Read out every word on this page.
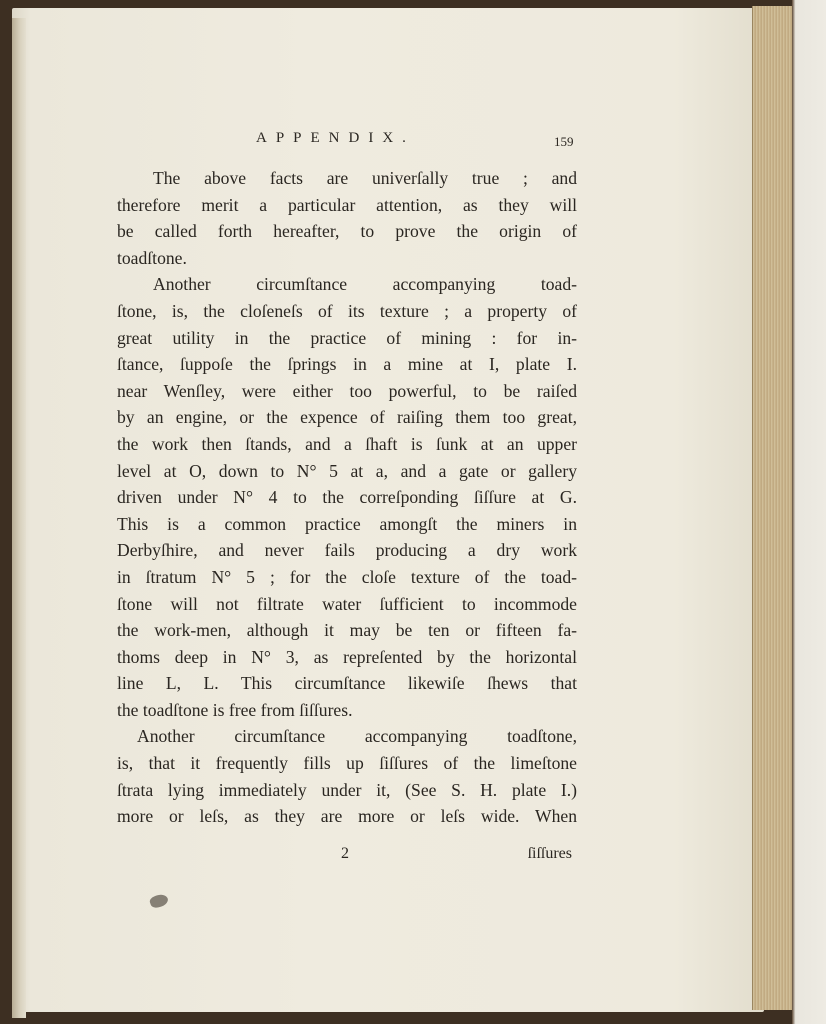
APPENDIX.	159
The above facts are univerſally true ; and
therefore merit a particular attention, as they will
be called forth hereafter, to prove the origin of
toadſtone.
Another circumſtance accompanying toad-
ſtone, is, the cloſeneſs of its texture ; a property of
great utility in the practice of mining : for in-
ſtance, ſuppoſe the ſprings in a mine at I, plate I.
near Wenſley, were either too powerful, to be raiſed
by an engine, or the expence of raiſing them too great,
the work then ſtands, and a ſhaft is ſunk at an upper
level at O, down to N° 5 at a, and a gate or gallery
driven under N° 4 to the correſponding ſiſſure at G.
This is a common practice amongſt the miners in
Derbyſhire, and never fails producing a dry work
in ſtratum N° 5 ; for the cloſe texture of the toad-
ſtone will not filtrate water ſufficient to incommode
the work-men, although it may be ten or fifteen fa-
thoms deep in N° 3, as repreſented by the horizontal
line L, L. This circumſtance likewiſe ſhews that
the toadſtone is free from ſiſſures.
Another circumſtance accompanying toadſtone,
is, that it frequently fills up ſiſſures of the limeſtone
ſtrata lying immediately under it, (See S. H. plate I.)
more or leſs, as they are more or leſs wide. When
2	ſiſſures
